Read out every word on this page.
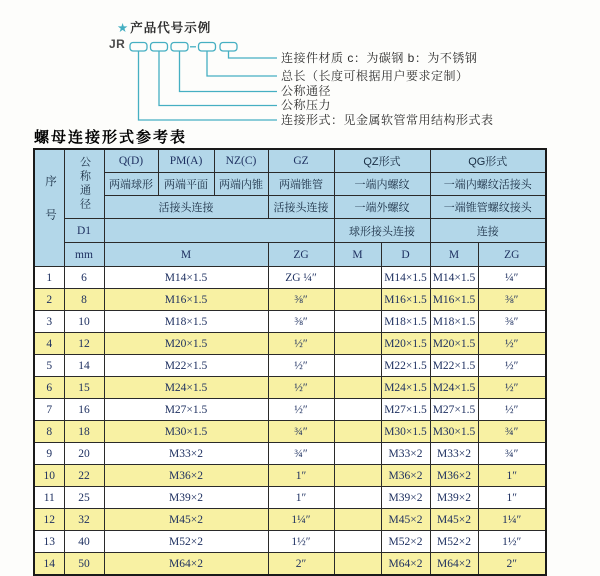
★产品代号示例
JR
连接件材质 c：为碳钢 b：为不锈钢
总长（长度可根据用户要求定制）
公称通径
公称压力
连接形式：见金属软管常用结构形式表
螺母连接形式参考表
序号	公称通径	Q(D)	PM(A)	NZ(C)	GZ	QZ形式		QG形式	
		两端球形	两端平面	两端内锥	两端锥管	一端内螺纹		一端内螺纹活接头	
		活接头连接			活接头连接	一端外螺纹		一端锥管螺纹接头	
	D1					球形接头连接		连接	
	mm	M			ZG	M	D	M	ZG
1	6	M14×1.5			ZG ¼″		M14×1.5	M14×1.5	¼″
2	8	M16×1.5			⅜″		M16×1.5	M16×1.5	⅜″
3	10	M18×1.5			⅜″		M18×1.5	M18×1.5	⅜″
4	12	M20×1.5			½″		M20×1.5	M20×1.5	½″
5	14	M22×1.5			½″		M22×1.5	M22×1.5	½″
6	15	M24×1.5			½″		M24×1.5	M24×1.5	½″
7	16	M27×1.5			½″		M27×1.5	M27×1.5	½″
8	18	M30×1.5			¾″		M30×1.5	M30×1.5	¾″
9	20	M33×2			¾″		M33×2	M33×2	¾″
10	22	M36×2			1″		M36×2	M36×2	1″
11	25	M39×2			1″		M39×2	M39×2	1″
12	32	M45×2			1¼″		M45×2	M45×2	1¼″
13	40	M52×2			1½″		M52×2	M52×2	1½″
14	50	M64×2			2″		M64×2	M64×2	2″
